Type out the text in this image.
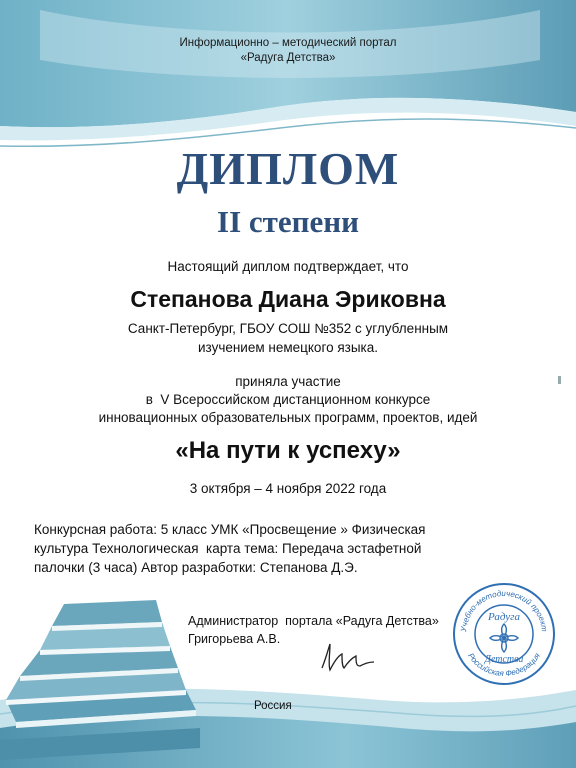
Информационно – методический портал
«Радуга Детства»
ДИПЛОМ
II степени
Настоящий диплом подтверждает, что
Степанова Диана Эриковна
Санкт-Петербург, ГБОУ СОШ №352 с углубленным
изучением немецкого языка.
приняла участие
в  V Всероссийском дистанционном конкурсе
инновационных образовательных программ, проектов, идей
«На пути к успеху»
3 октября – 4 ноября 2022 года
Конкурсная работа: 5 класс УМК «Просвещение » Физическая
культура Технологическая  карта тема: Передача эстафетной
палочки (3 часа) Автор разработки: Степанова Д.Э.
Администратор  портала «Радуга Детства»
Григорьева А.В.
Учебно-методический проект
Российская Федерация
Радуга
Детства
Россия
